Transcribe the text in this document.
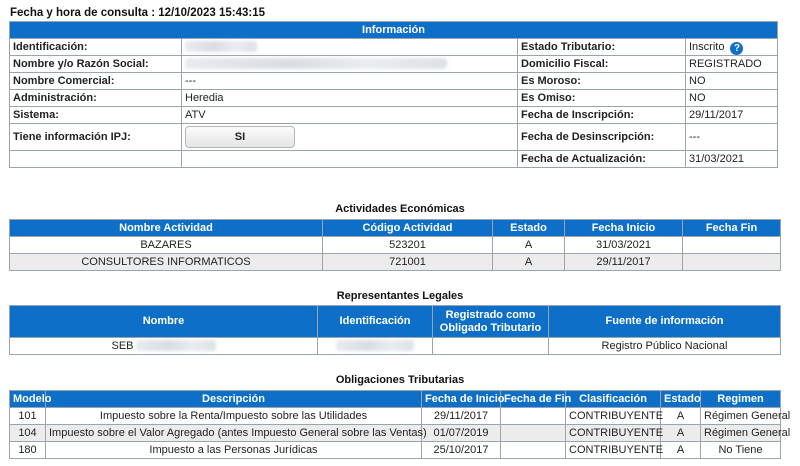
Fecha y hora de consulta : 12/10/2023 15:43:15
Información			
Identificación:		Estado Tributario:	Inscrito ?
Nombre y/o Razón Social:		Domicilio Fiscal:	REGISTRADO
Nombre Comercial:	---	Es Moroso:	NO
Administración:	Heredia	Es Omiso:	NO
Sistema:	ATV	Fecha de Inscripción:	29/11/2017
Tiene información IPJ:	SI	Fecha de Desinscripción:	---
		Fecha de Actualización:	31/03/2021
Actividades Económicas
Nombre Actividad	Código Actividad	Estado	Fecha Inicio	Fecha Fin
BAZARES	523201	A	31/03/2021	
CONSULTORES INFORMATICOS	721001	A	29/11/2017	
Representantes Legales
Nombre	Identificación	Registrado como Obligado Tributario	Fuente de información
SEB			Registro Público Nacional
Obligaciones Tributarias
Modelo	Descripción	Fecha de Inicio	Fecha de Fin	Clasificación	Estado	Regimen
101	Impuesto sobre la Renta/Impuesto sobre las Utilidades	29/11/2017		CONTRIBUYENTE	A	Régimen General
104	Impuesto sobre el Valor Agregado (antes Impuesto General sobre las Ventas)	01/07/2019		CONTRIBUYENTE	A	Régimen General
180	Impuesto a las Personas Jurídicas	25/10/2017		CONTRIBUYENTE	A	No Tiene
